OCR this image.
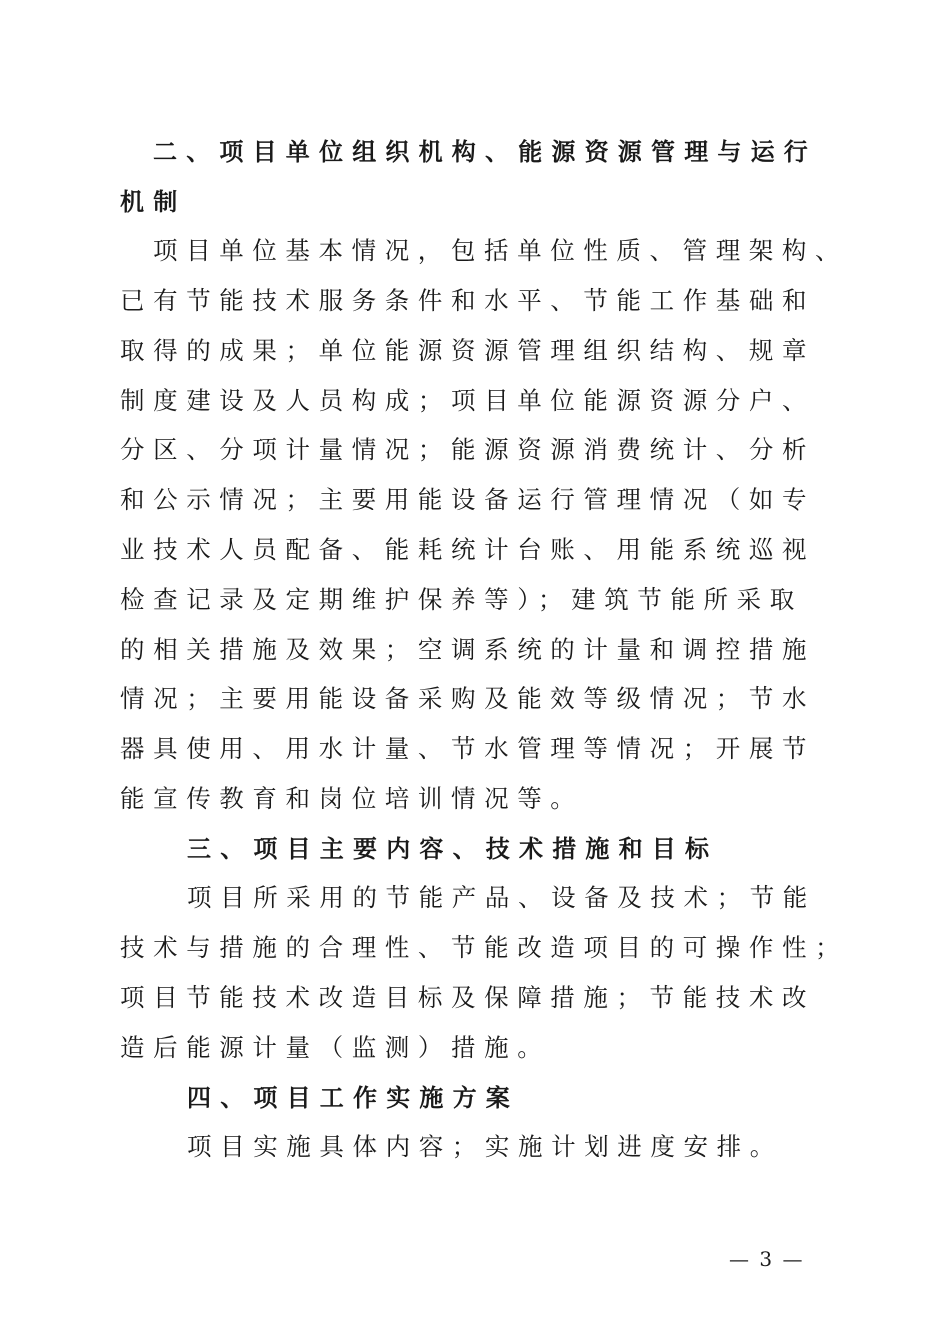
二、项目单位组织机构、能源资源管理与运行
机制
项目单位基本情况，包括单位性质、管理架构、
已有节能技术服务条件和水平、节能工作基础和
取得的成果；单位能源资源管理组织结构、规章
制度建设及人员构成；项目单位能源资源分户、
分区、分项计量情况；能源资源消费统计、分析
和公示情况；主要用能设备运行管理情况（如专
业技术人员配备、能耗统计台账、用能系统巡视
检查记录及定期维护保养等）；建筑节能所采取
的相关措施及效果；空调系统的计量和调控措施
情况；主要用能设备采购及能效等级情况；节水
器具使用、用水计量、节水管理等情况；开展节
能宣传教育和岗位培训情况等。
三、项目主要内容、技术措施和目标
项目所采用的节能产品、设备及技术；节能
技术与措施的合理性、节能改造项目的可操作性；
项目节能技术改造目标及保障措施；节能技术改
造后能源计量（监测）措施。
四、项目工作实施方案
项目实施具体内容；实施计划进度安排。
— 3 —
